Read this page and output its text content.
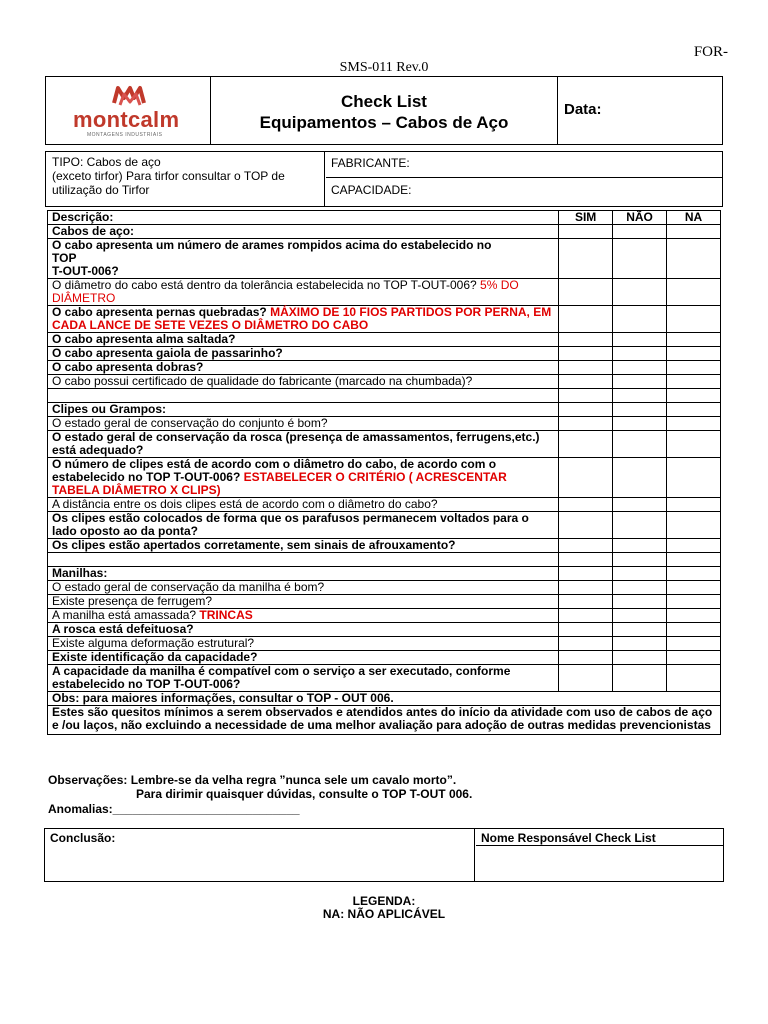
FOR-
SMS-011 Rev.0
montcalm
MONTAGENS INDUSTRIAIS
Check List
Equipamentos – Cabos de Aço
Data:
TIPO: Cabos de aço
(exceto tirfor) Para tirfor consultar o TOP de
utilização do Tirfor
FABRICANTE:
CAPACIDADE:
Descrição:	SIM	NÃO	NA
Cabos de aço:			

O cabo apresenta um número de arames rompidos acima do estabelecido no
TOP
T-OUT-006?			

O diâmetro do cabo está dentro da tolerância estabelecida no TOP T-OUT-006? 5% DO DIÂMETRO			
O cabo apresenta pernas quebradas? MÁXIMO DE 10 FIOS PARTIDOS POR PERNA, EM CADA LANCE DE SETE VEZES O DIÂMETRO DO CABO			
O cabo apresenta alma saltada?			
O cabo apresenta gaiola de passarinho?			
O cabo apresenta dobras?			
O cabo possui certificado de qualidade do fabricante (marcado na chumbada)?			

Clipes ou Grampos:			
O estado geral de conservação do conjunto é bom?			
O estado geral de conservação da rosca (presença de amassamentos, ferrugens,etc.) está adequado?			
O número de clipes está de acordo com o diâmetro do cabo, de acordo com o estabelecido no TOP T-OUT-006? ESTABELECER O CRITÉRIO ( ACRESCENTAR TABELA DIÂMETRO X CLIPS)			
A distância entre os dois clipes está de acordo com o diâmetro do cabo?			
Os clipes estão colocados de forma que os parafusos permanecem voltados para o lado oposto ao da ponta?			
Os clipes estão apertados corretamente, sem sinais de afrouxamento?			

Manilhas:			
O estado geral de conservação da manilha é bom?			
Existe presença de ferrugem?			
A manilha está amassada? TRINCAS			
A rosca está defeituosa?			
Existe alguma deformação estrutural?			
Existe identificação da capacidade?			
A capacidade da manilha é compatível com o serviço a ser executado, conforme estabelecido no TOP T-OUT-006?			
Obs: para maiores informações, consultar o TOP - OUT 006.			
Estes são quesitos mínimos a serem observados e atendidos antes do início da atividade com uso de cabos de aço e /ou laços, não excluindo a necessidade de uma melhor avaliação para adoção de outras medidas prevencionistas			
Observações: Lembre-se da velha regra ”nunca sele um cavalo morto”.
Para dirimir quaisquer dúvidas, consulte o TOP T-OUT 006.
Anomalias:____________________________
Conclusão:	Nome Responsável Check List
LEGENDA:
NA: NÃO APLICÁVEL
